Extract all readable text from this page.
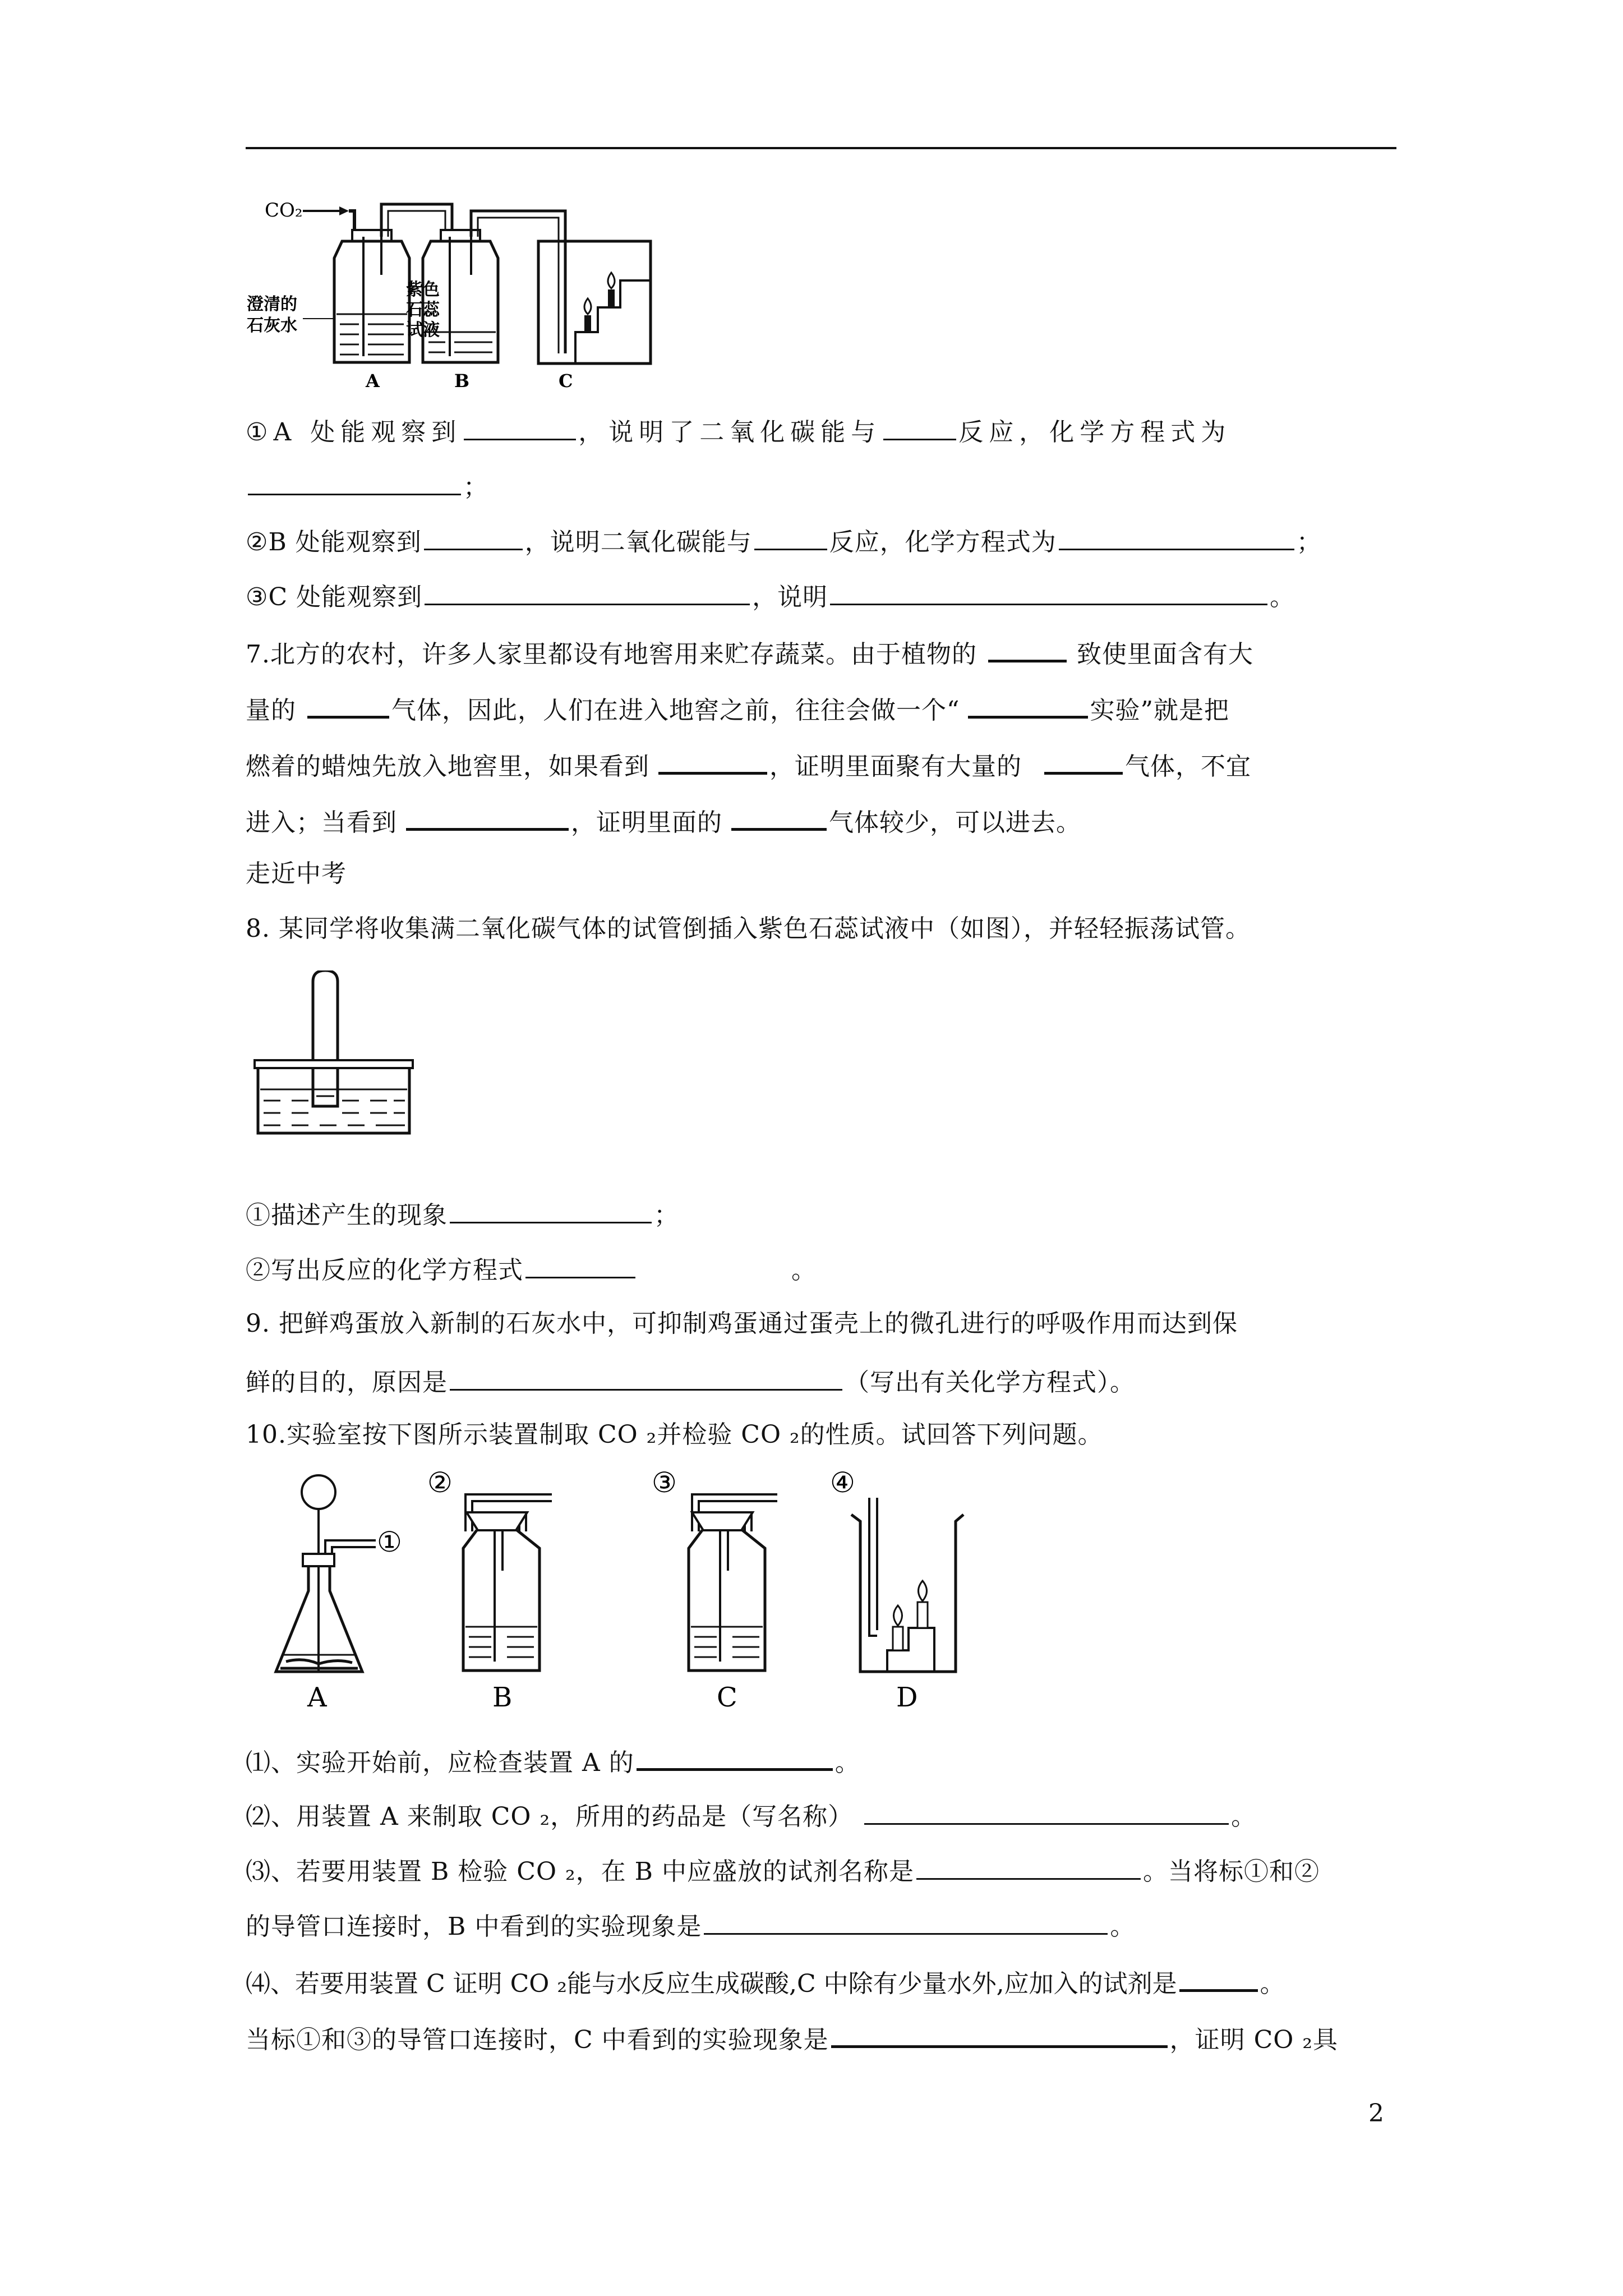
CO₂
澄清的
石灰水
紫色
石蕊
试液
A	B	C
①A 处能观察到	，说明了二氧化碳能与	反应，化学方程式为
；
②B 处能观察到	，说明二氧化碳能与	反应，化学方程式为	；
③C 处能观察到	，说明	。
7.北方的农村，许多人家里都设有地窖用来贮存蔬菜。由于植物的	致使里面含有大
量的	气体，因此，人们在进入地窖之前，往往会做一个“	实验”就是把
燃着的蜡烛先放入地窖里，如果看到	，证明里面聚有大量的	气体，不宜
进入；当看到	，证明里面的	气体较少，可以进去。
走近中考
8. 某同学将收集满二氧化碳气体的试管倒插入紫色石蕊试液中（如图），并轻轻振荡试管。
①描述产生的现象	；
②写出反应的化学方程式	。
9. 把鲜鸡蛋放入新制的石灰水中，可抑制鸡蛋通过蛋壳上的微孔进行的呼吸作用而达到保
鲜的目的，原因是	（写出有关化学方程式）。
10.实验室按下图所示装置制取 CO ₂并检验 CO ₂的性质。试回答下列问题。
①
A
②
B
③
C
④
D
⑴、实验开始前，应检查装置 A 的	。
⑵、用装置 A 来制取 CO ₂，所用的药品是（写名称）	。
⑶、若要用装置 B 检验 CO ₂，在 B 中应盛放的试剂名称是	。当将标①和②
的导管口连接时，B 中看到的实验现象是	。
⑷、若要用装置 C 证明 CO ₂能与水反应生成碳酸,C 中除有少量水外,应加入的试剂是	。
当标①和③的导管口连接时，C 中看到的实验现象是	，证明 CO ₂具
2
